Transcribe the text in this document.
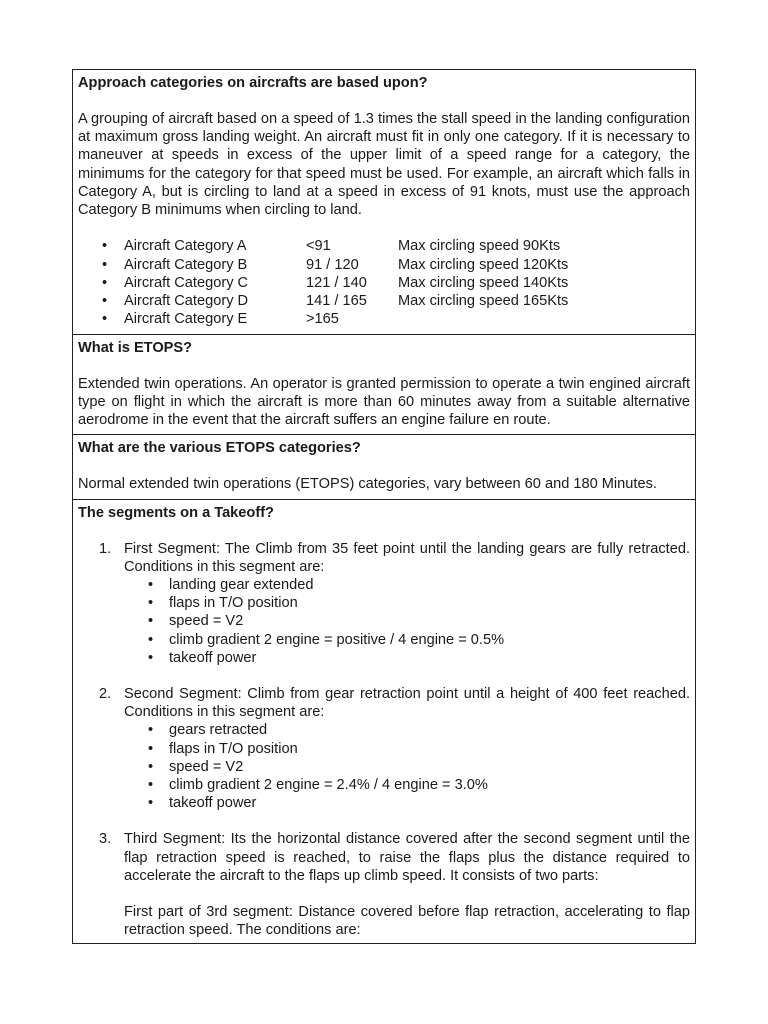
Approach categories on aircrafts are based upon?

A grouping of aircraft based on a speed of 1.3 times the stall speed in the landing configuration at maximum gross landing weight. An aircraft must fit in only one category. If it is necessary to maneuver at speeds in excess of the upper limit of a speed range for a category, the minimums for the category for that speed must be used. For example, an aircraft which falls in Category A, but is circling to land at a speed in excess of 91 knots, must use the approach Category B minimums when circling to land.

•	Aircraft Category A	<91	Max circling speed 90Kts
•	Aircraft Category B	91 / 120	Max circling speed 120Kts
•	Aircraft Category C	121 / 140	Max circling speed 140Kts
•	Aircraft Category D	141 / 165	Max circling speed 165Kts
•	Aircraft Category E	>165

What is ETOPS?

Extended twin operations. An operator is granted permission to operate a twin engined aircraft type on flight in which the aircraft is more than 60 minutes away from a suitable alternative aerodrome in the event that the aircraft suffers an engine failure en route.

What are the various ETOPS categories?

Normal extended twin operations (ETOPS) categories, vary between 60 and 180 Minutes.

The segments on a Takeoff?

1. First Segment: The Climb from 35 feet point until the landing gears are fully retracted. Conditions in this segment are:
•	landing gear extended
•	flaps in T/O position
•	speed = V2
•	climb gradient 2 engine = positive / 4 engine = 0.5%
•	takeoff power
2. Second Segment: Climb from gear retraction point until a height of 400 feet reached. Conditions in this segment are:
•	gears retracted
•	flaps in T/O position
•	speed = V2
•	climb gradient 2 engine = 2.4% / 4 engine = 3.0%
•	takeoff power
3. Third Segment: Its the horizontal distance covered after the second segment until the flap retraction speed is reached, to raise the flaps plus the distance required to accelerate the aircraft to the flaps up climb speed. It consists of two parts:
First part of 3rd segment: Distance covered before flap retraction, accelerating to flap retraction speed. The conditions are:
